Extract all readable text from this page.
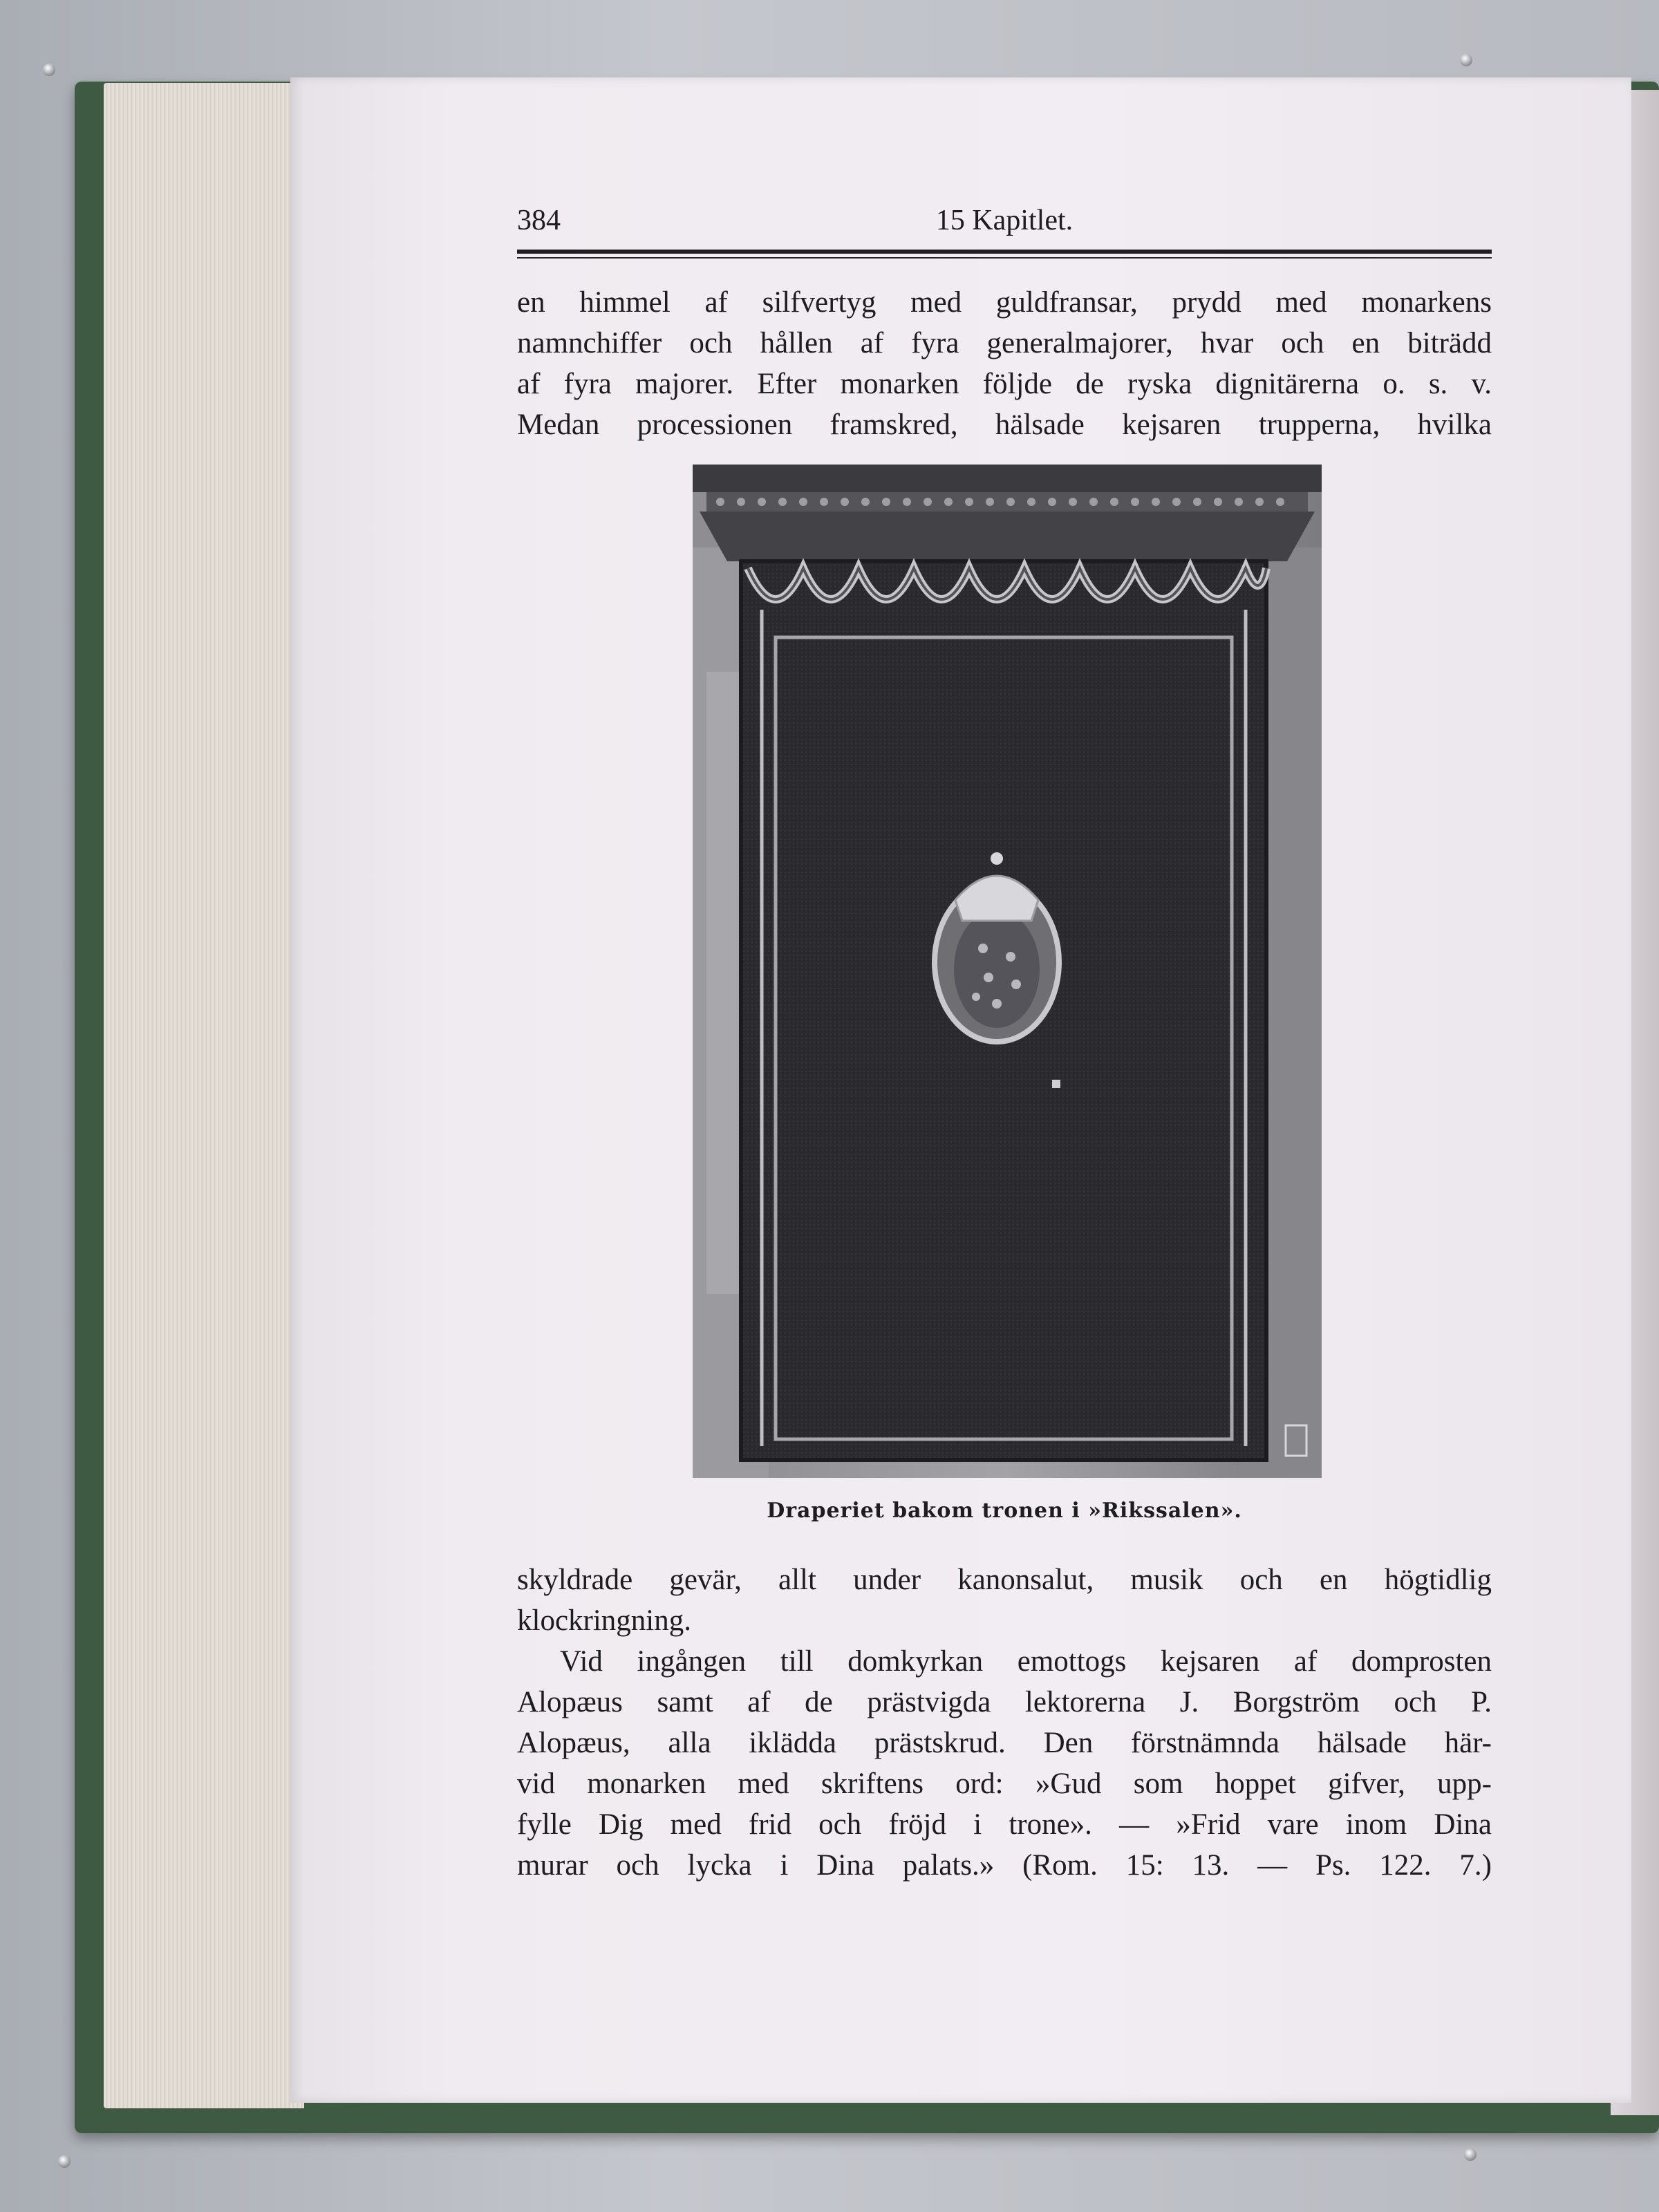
384	15 Kapitlet.
en himmel af silfvertyg med guldfransar, prydd med monarkens
namnchiffer och hållen af fyra generalmajorer, hvar och en biträdd
af fyra majorer. Efter monarken följde de ryska dignitärerna o. s. v.
Medan processionen framskred, hälsade kejsaren trupperna, hvilka
Draperiet bakom tronen i »Rikssalen».
skyldrade gevär, allt under kanonsalut, musik och en högtidlig
klockringning.
Vid ingången till domkyrkan emottogs kejsaren af domprosten
Alopæus samt af de prästvigda lektorerna J. Borgström och P.
Alopæus, alla iklädda prästskrud. Den förstnämnda hälsade här-
vid monarken med skriftens ord: »Gud som hoppet gifver, upp-
fylle Dig med frid och fröjd i trone». — »Frid vare inom Dina
murar och lycka i Dina palats.» (Rom. 15: 13. — Ps. 122. 7.)
